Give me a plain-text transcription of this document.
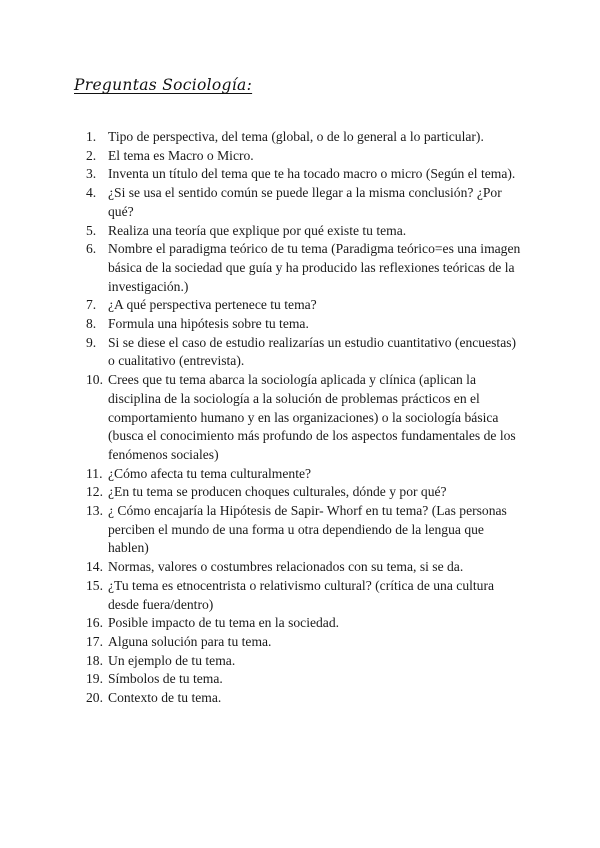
Preguntas Sociología:
1. Tipo de perspectiva, del tema (global, o de lo general a lo particular).
2. El tema es Macro o Micro.
3. Inventa un título del tema que te ha tocado macro o micro (Según el tema).
4. ¿Si se usa el sentido común se puede llegar a la misma conclusión? ¿Por qué?
5. Realiza una teoría que explique por qué existe tu tema.
6. Nombre el paradigma teórico de tu tema (Paradigma teórico=es una imagen básica de la sociedad que guía y ha producido las reflexiones teóricas de la investigación.)
7. ¿A qué perspectiva pertenece tu tema?
8. Formula una hipótesis sobre tu tema.
9. Si se diese el caso de estudio realizarías un estudio cuantitativo (encuestas) o cualitativo (entrevista).
10. Crees que tu tema abarca la sociología aplicada y clínica (aplican la disciplina de la sociología a la solución de problemas prácticos en el comportamiento humano y en las organizaciones) o la sociología básica (busca el conocimiento más profundo de los aspectos fundamentales de los fenómenos sociales)
11. ¿Cómo afecta tu tema culturalmente?
12. ¿En tu tema se producen choques culturales, dónde y por qué?
13. ¿ Cómo encajaría la Hipótesis de Sapir- Whorf en tu tema? (Las personas perciben el mundo de una forma u otra dependiendo de la lengua que hablen)
14. Normas, valores o costumbres relacionados con su tema, si se da.
15. ¿Tu tema es etnocentrista o relativismo cultural? (crítica de una cultura desde fuera/dentro)
16. Posible impacto de tu tema en la sociedad.
17. Alguna solución para tu tema.
18. Un ejemplo de tu tema.
19. Símbolos de tu tema.
20. Contexto de tu tema.
